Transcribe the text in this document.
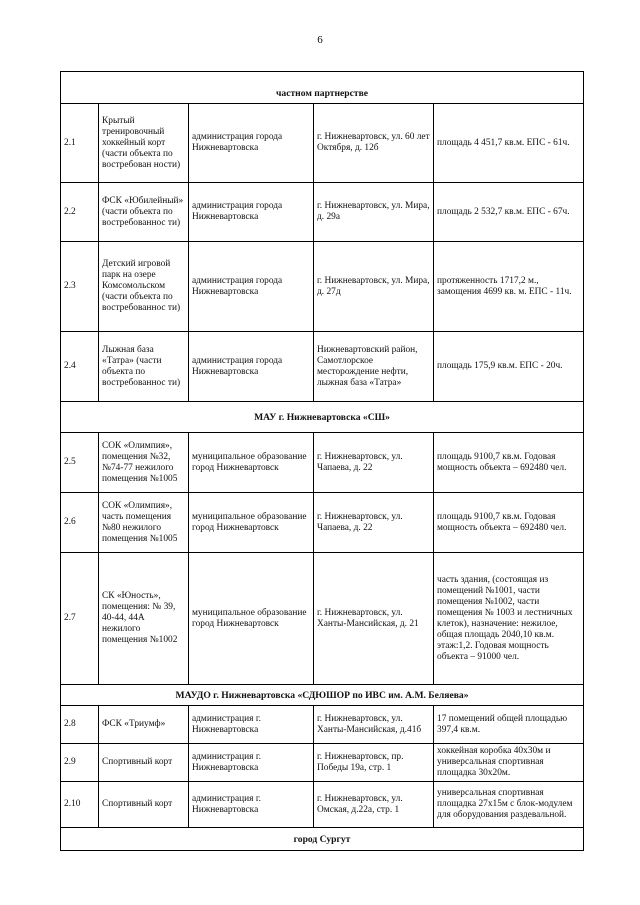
6
частном партнерстве				
2.1	Крытый тренировочный хоккейный корт (части объекта по востребован ности)	администрация города Нижневартовска	г. Нижневартовск, ул. 60 лет Октября, д. 12б	площадь 4 451,7 кв.м. ЕПС - 61ч.
2.2	ФСК «Юбилейный» (части объекта по востребованнос ти)	администрация города Нижневартовска	г. Нижневартовск, ул. Мира, д. 29а	площадь 2 532,7 кв.м. ЕПС - 67ч.
2.3	Детский игровой парк на озере Комсомольском (части объекта по востребованнос ти)	администрация города Нижневартовска	г. Нижневартовск, ул. Мира, д. 27д	протяженность 1717,2 м., замощения 4699 кв. м. ЕПС - 11ч.
2.4	Лыжная база «Татра» (части объекта по востребованнос ти)	администрация города Нижневартовска	Нижневартовский район, Самотлорское месторождение нефти, лыжная база «Татра»	площадь 175,9 кв.м. ЕПС - 20ч.
МАУ г. Нижневартовска «СШ»				
2.5	СОК «Олимпия», помещения №32, №74-77 нежилого помещения №1005	муниципальное образование город Нижневартовск	г. Нижневартовск, ул. Чапаева, д. 22	площадь 9100,7 кв.м. Годовая мощность объекта – 692480 чел.
2.6	СОК «Олимпия», часть помещения №80 нежилого помещения №1005	муниципальное образование город Нижневартовск	г. Нижневартовск, ул. Чапаева, д. 22	площадь 9100,7 кв.м. Годовая мощность объекта – 692480 чел.
2.7	СК «Юность», помещения: № 39, 40-44, 44А нежилого помещения №1002	муниципальное образование город Нижневартовск	г. Нижневартовск, ул. Ханты-Мансийская, д. 21	часть здания, (состоящая из помещений №1001, части помещения №1002, части помещения № 1003 и лестничных клеток), назначение: нежилое, общая площадь 2040,10 кв.м. этаж:1,2. Годовая мощность объекта – 91000 чел.
МАУДО г. Нижневартовска «СДЮШОР по ИВС им. А.М. Беляева»				
2.8	ФСК «Триумф»	администрация г. Нижневартовска	г. Нижневартовск, ул. Ханты-Мансийская, д.41б	17 помещений общей площадью 397,4 кв.м.
2.9	Спортивный корт	администрация г. Нижневартовска	г. Нижневартовск, пр. Победы 19а, стр. 1	хоккейная коробка 40х30м и универсальная спортивная площадка 30х20м.
2.10	Спортивный корт	администрация г. Нижневартовска	г. Нижневартовск, ул. Омская, д.22а, стр. 1	универсальная спортивная площадка 27х15м с блок-модулем для оборудования раздевальной.
город Сургут				
